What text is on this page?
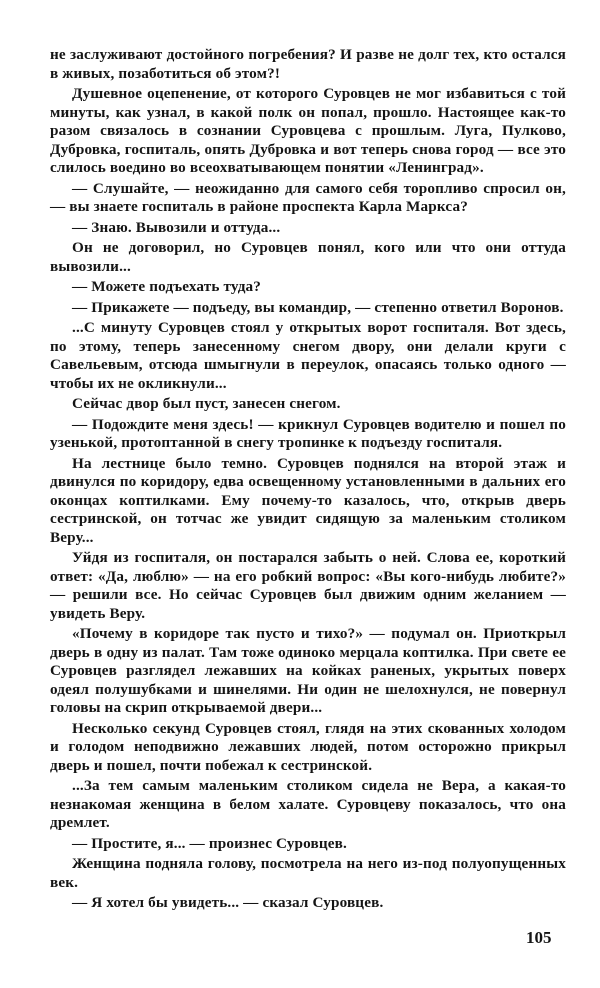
не заслуживают достойного погребения? И разве не долг тех, кто остался в живых, позаботиться об этом?!

Душевное оцепенение, от которого Суровцев не мог избавиться с той минуты, как узнал, в какой полк он попал, прошло. Настоящее как-то разом связалось в сознании Суровцева с прошлым. Луга, Пулково, Дубровка, госпиталь, опять Дубровка и вот теперь снова город — все это слилось воедино во всеохватывающем понятии «Ленинград».

— Слушайте, — неожиданно для самого себя торопливо спросил он, — вы знаете госпиталь в районе проспекта Карла Маркса?

— Знаю. Вывозили и оттуда...

Он не договорил, но Суровцев понял, кого или что они оттуда вывозили...

— Можете подъехать туда?

— Прикажете — подъеду, вы командир, — степенно ответил Воронов.

...С минуту Суровцев стоял у открытых ворот госпиталя. Вот здесь, по этому, теперь занесенному снегом двору, они делали круги с Савельевым, отсюда шмыгнули в переулок, опасаясь только одного — чтобы их не окликнули...

Сейчас двор был пуст, занесен снегом.

— Подождите меня здесь! — крикнул Суровцев водителю и пошел по узенькой, протоптанной в снегу тропинке к подъезду госпиталя.

На лестнице было темно. Суровцев поднялся на второй этаж и двинулся по коридору, едва освещенному установленными в дальних его оконцах коптилками. Ему почему-то казалось, что, открыв дверь сестринской, он тотчас же увидит сидящую за маленьким столиком Веру...

Уйдя из госпиталя, он постарался забыть о ней. Слова ее, короткий ответ: «Да, люблю» — на его робкий вопрос: «Вы кого-нибудь любите?» — решили все. Но сейчас Суровцев был движим одним желанием — увидеть Веру.

«Почему в коридоре так пусто и тихо?» — подумал он. Приоткрыл дверь в одну из палат. Там тоже одиноко мерцала коптилка. При свете ее Суровцев разглядел лежавших на койках раненых, укрытых поверх одеял полушубками и шинелями. Ни один не шелохнулся, не повернул головы на скрип открываемой двери...

Несколько секунд Суровцев стоял, глядя на этих скованных холодом и голодом неподвижно лежавших людей, потом осторожно прикрыл дверь и пошел, почти побежал к сестринской.

...За тем самым маленьким столиком сидела не Вера, а какая-то незнакомая женщина в белом халате. Суровцеву показалось, что она дремлет.

— Простите, я... — произнес Суровцев.

Женщина подняла голову, посмотрела на него из-под полуопущенных век.

— Я хотел бы увидеть... — сказал Суровцев.

105
